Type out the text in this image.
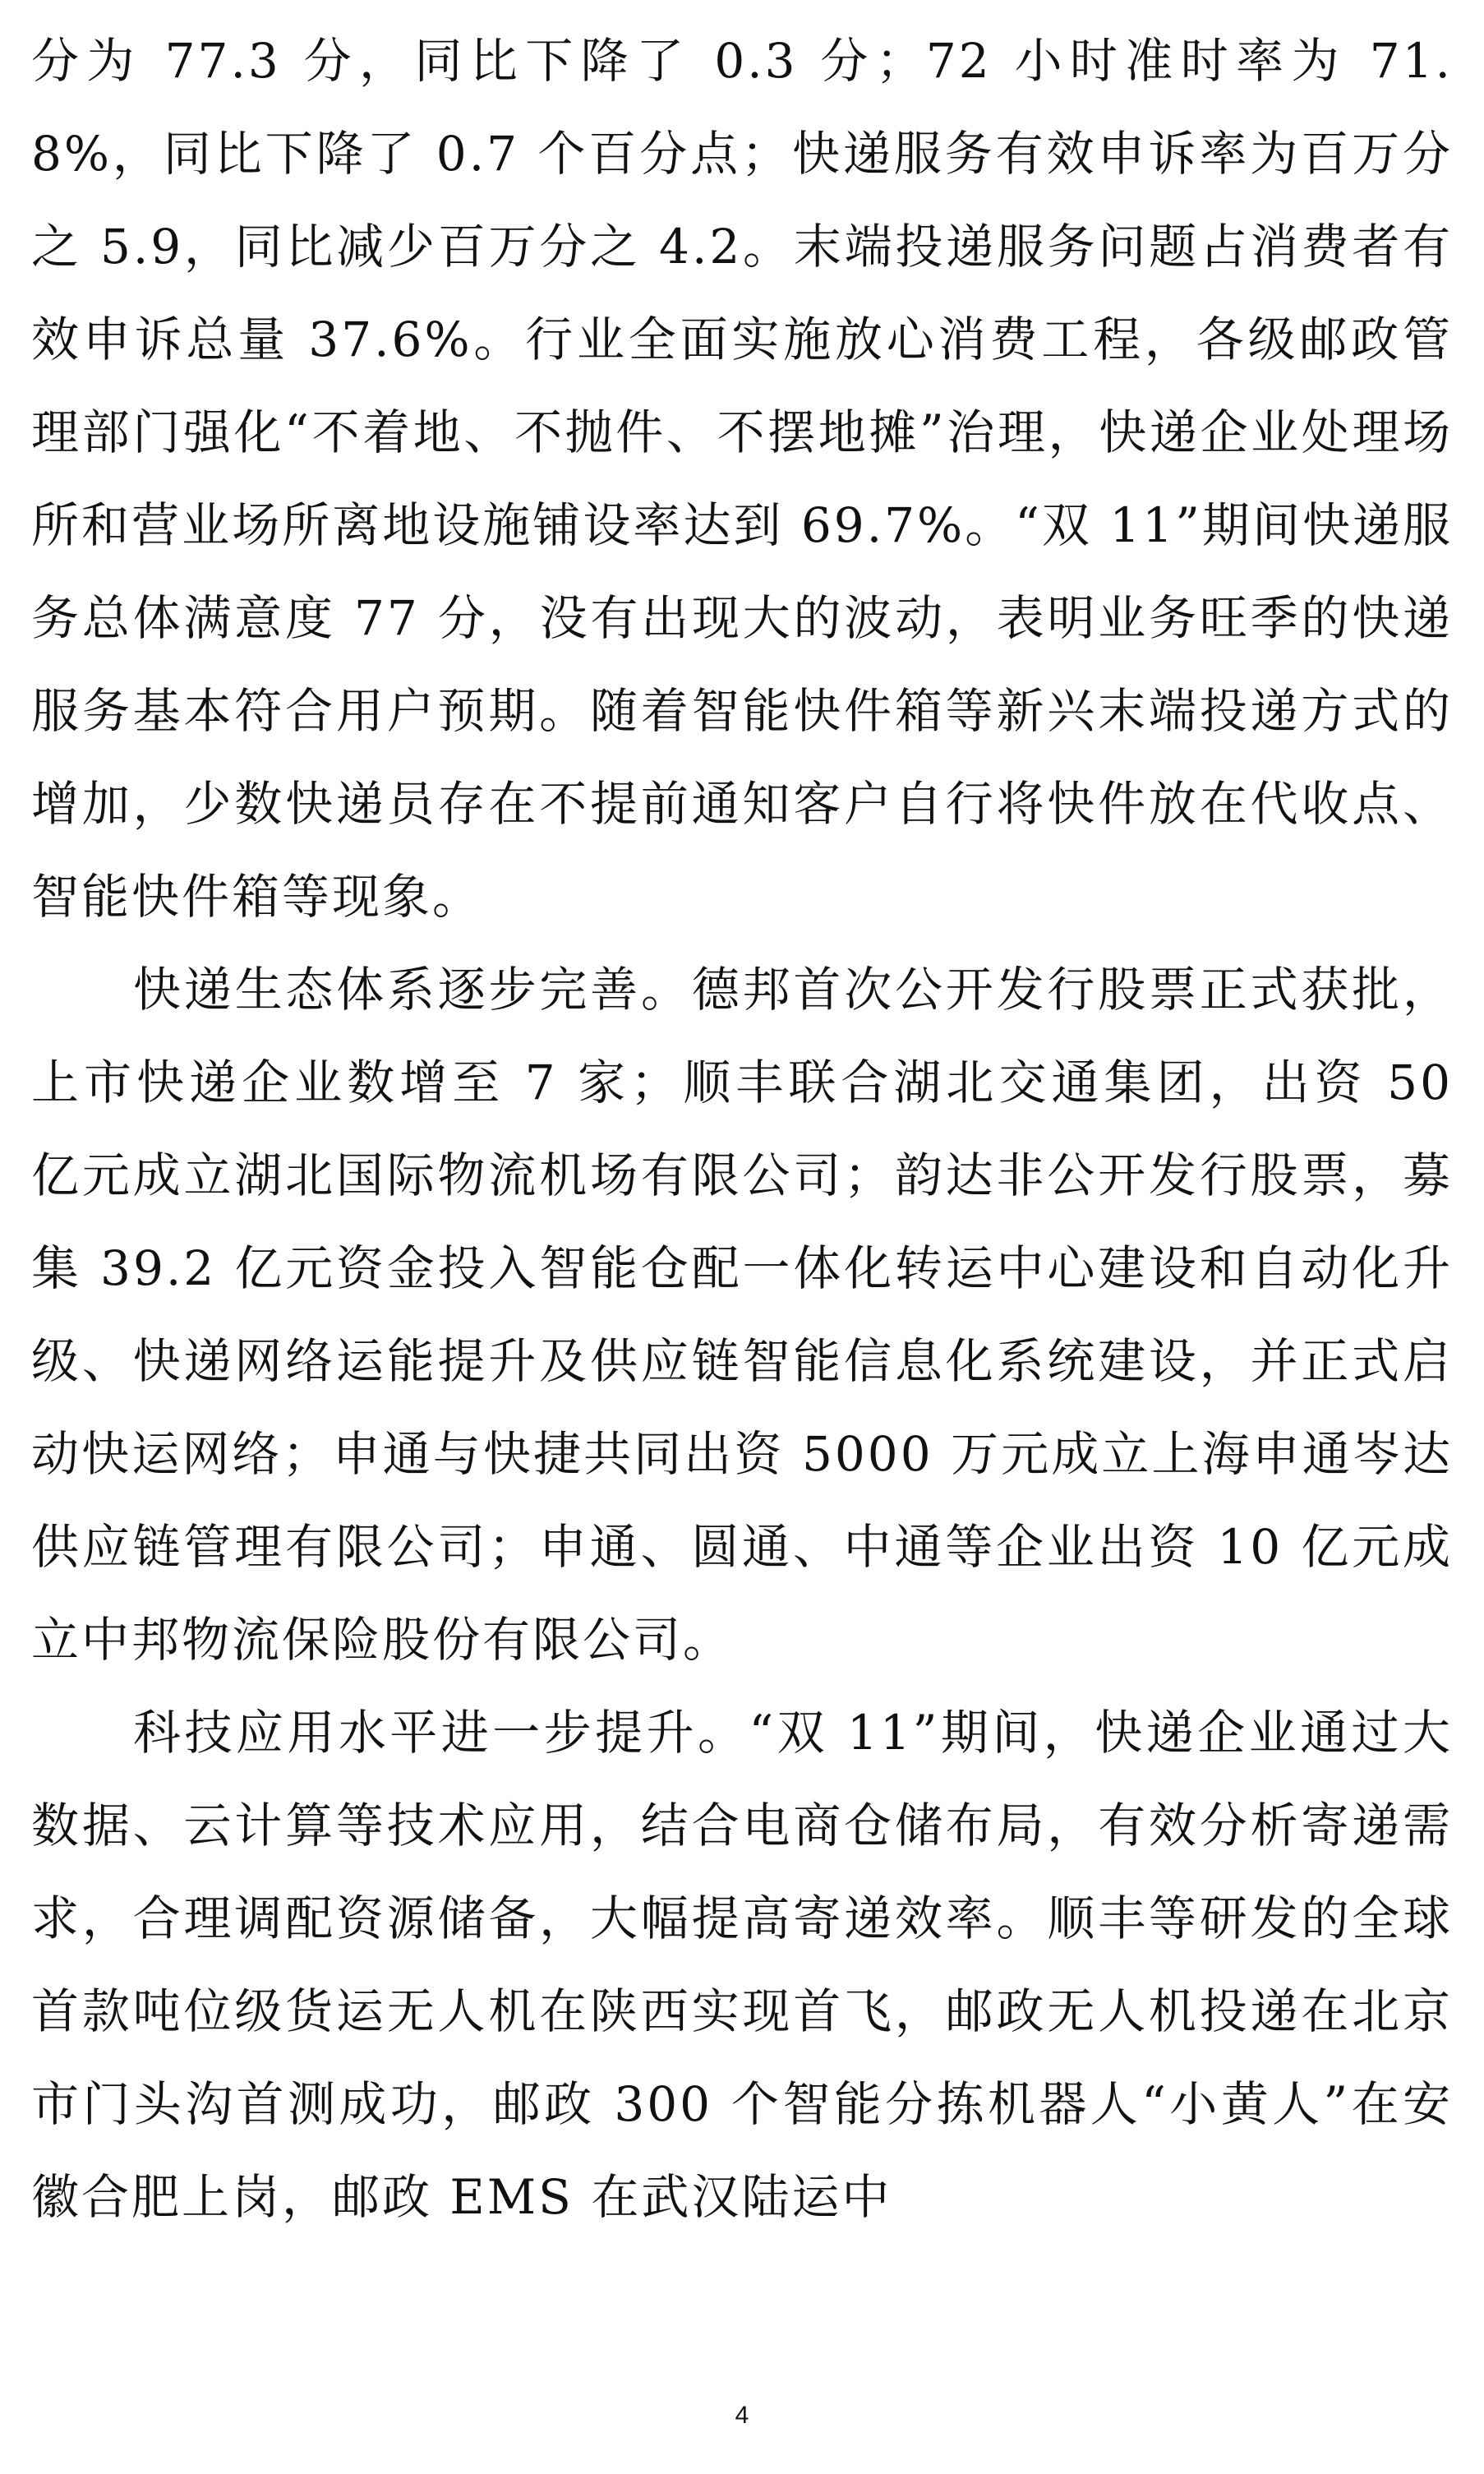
分为 77.3 分，同比下降了 0.3 分；72 小时准时率为 71.8%，同比下降了 0.7 个百分点；快递服务有效申诉率为百万分之 5.9，同比减少百万分之 4.2。末端投递服务问题占消费者有效申诉总量 37.6%。行业全面实施放心消费工程，各级邮政管理部门强化“不着地、不抛件、不摆地摊”治理，快递企业处理场所和营业场所离地设施铺设率达到 69.7%。“双 11”期间快递服务总体满意度 77 分，没有出现大的波动，表明业务旺季的快递服务基本符合用户预期。随着智能快件箱等新兴末端投递方式的增加，少数快递员存在不提前通知客户自行将快件放在代收点、智能快件箱等现象。

快递生态体系逐步完善。德邦首次公开发行股票正式获批，上市快递企业数增至 7 家；顺丰联合湖北交通集团，出资 50 亿元成立湖北国际物流机场有限公司；韵达非公开发行股票，募集 39.2 亿元资金投入智能仓配一体化转运中心建设和自动化升级、快递网络运能提升及供应链智能信息化系统建设，并正式启动快运网络；申通与快捷共同出资 5000 万元成立上海申通岑达供应链管理有限公司；申通、圆通、中通等企业出资 10 亿元成立中邦物流保险股份有限公司。

科技应用水平进一步提升。“双 11”期间，快递企业通过大数据、云计算等技术应用，结合电商仓储布局，有效分析寄递需求，合理调配资源储备，大幅提高寄递效率。顺丰等研发的全球首款吨位级货运无人机在陕西实现首飞，邮政无人机投递在北京市门头沟首测成功，邮政 300 个智能分拣机器人“小黄人”在安徽合肥上岗，邮政 EMS 在武汉陆运中

4
